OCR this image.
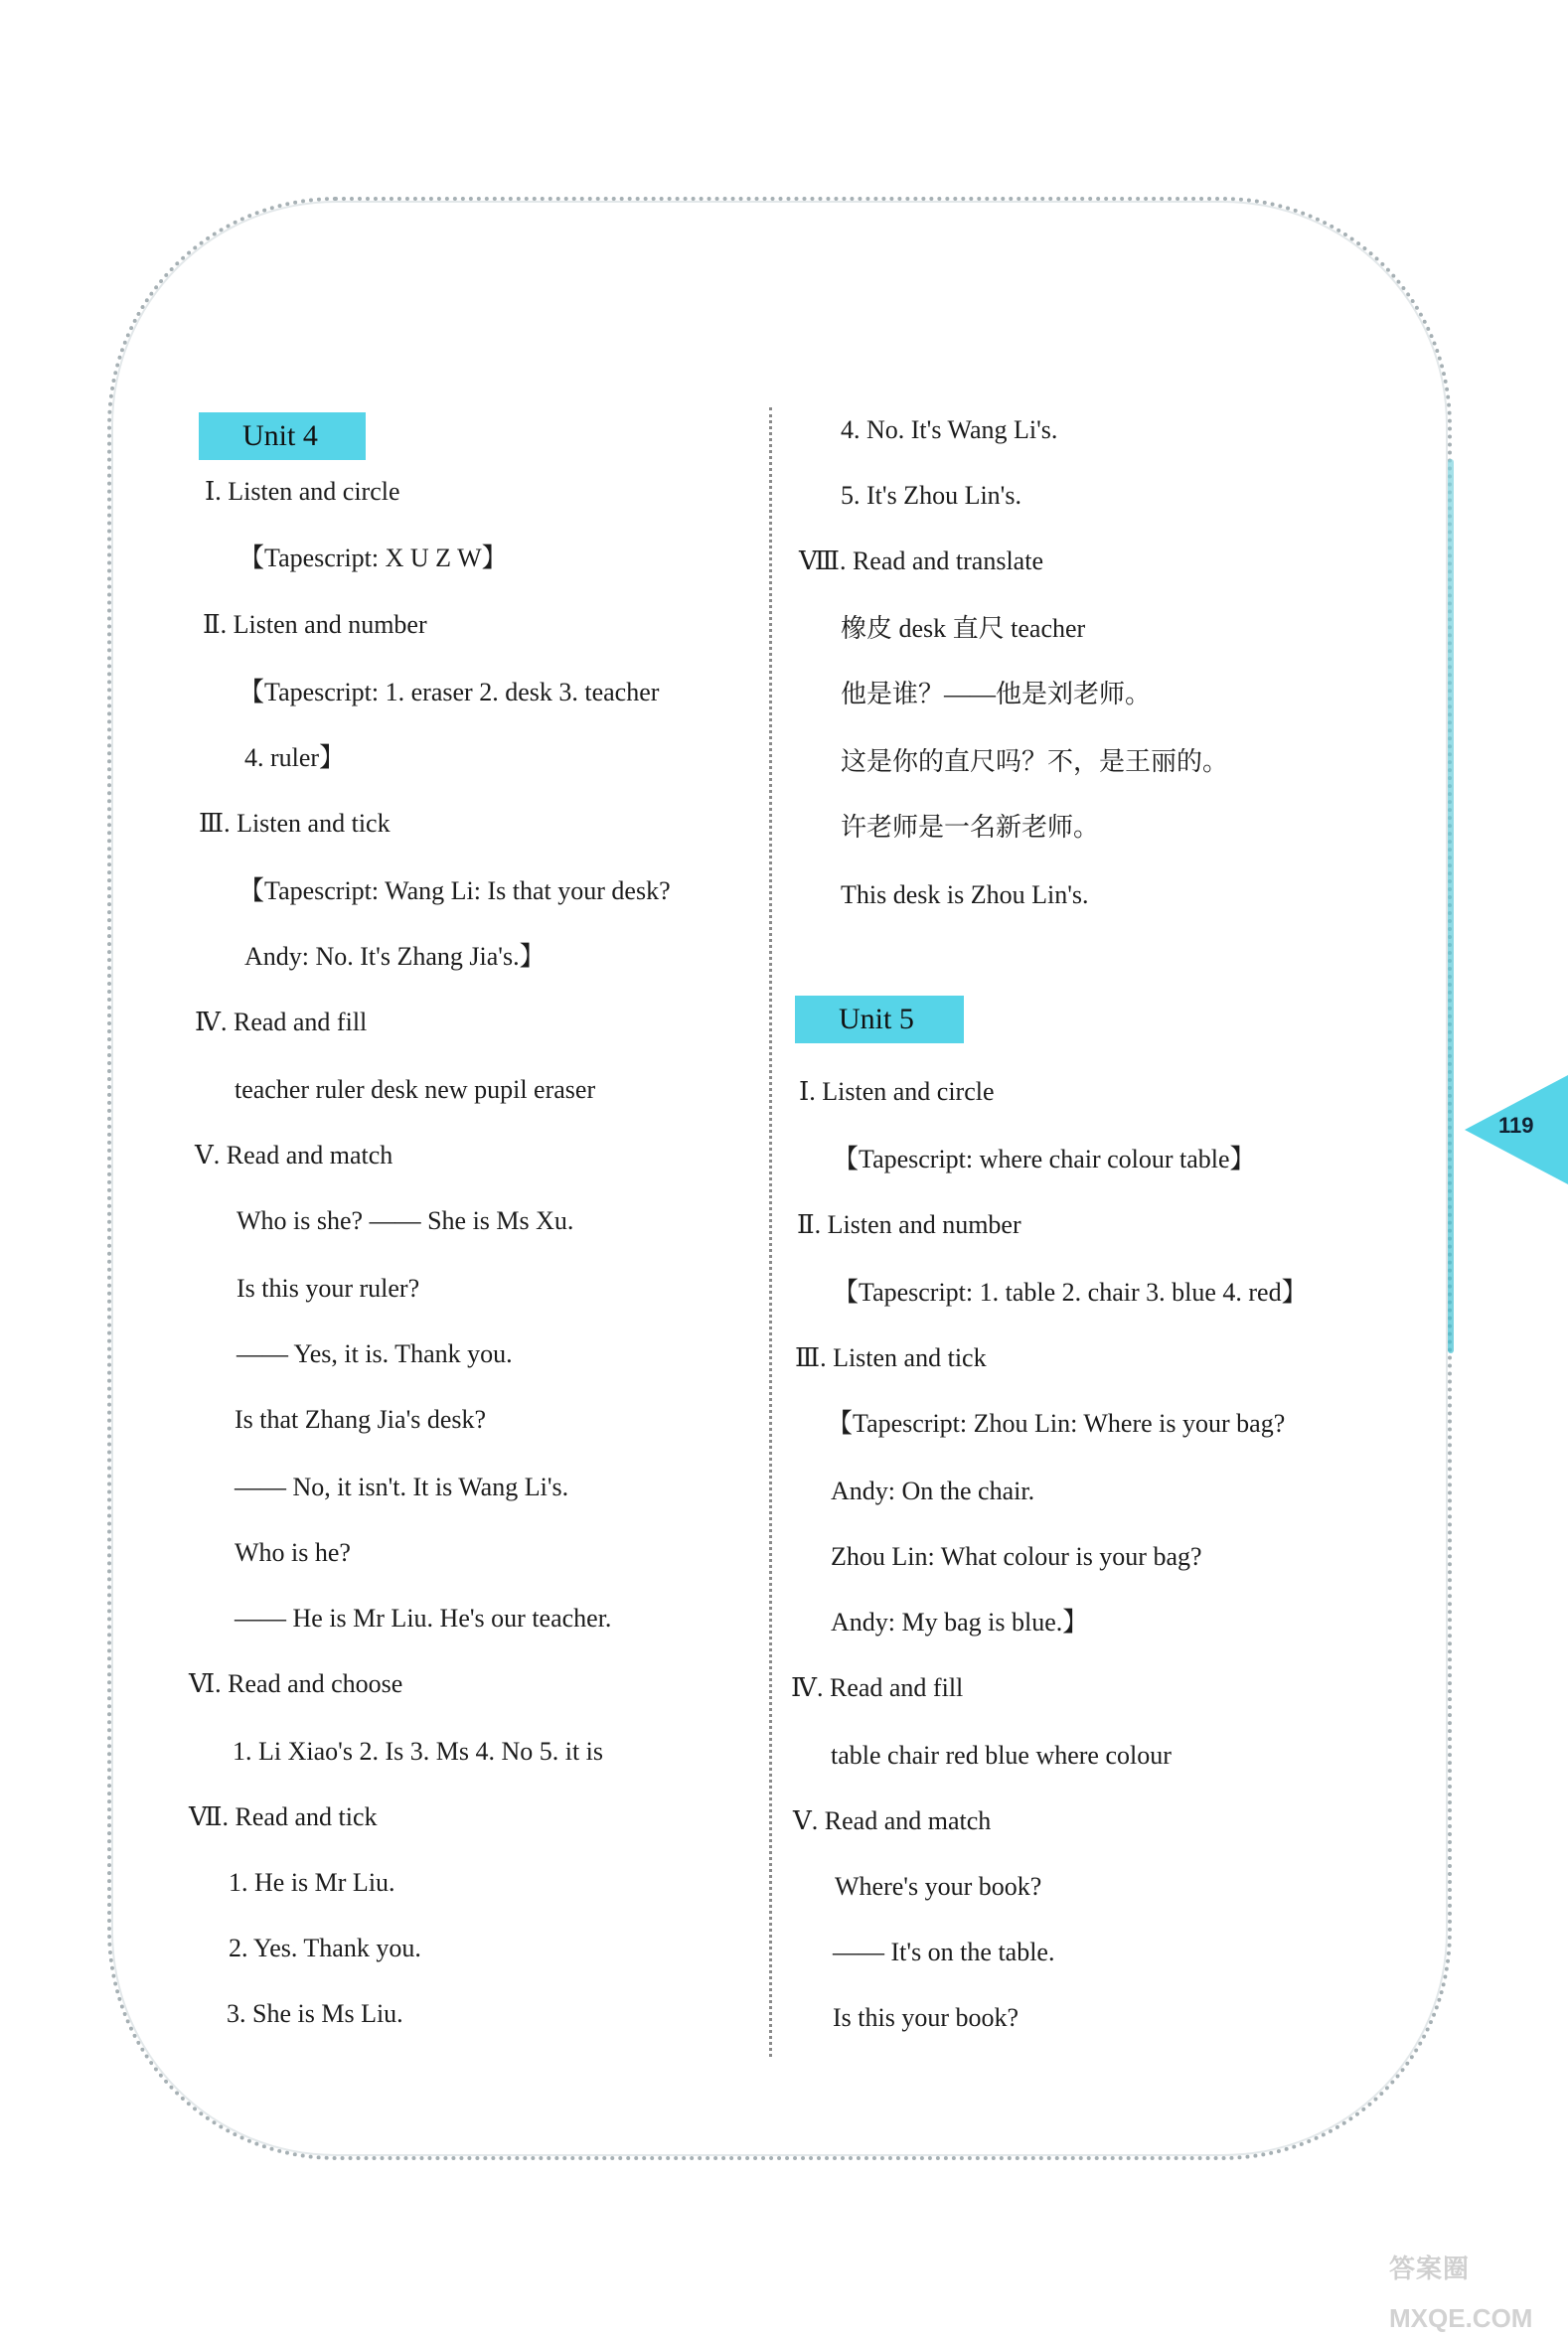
Unit 4
Ⅰ. Listen and circle
【Tapescript: X U Z W】
Ⅱ. Listen and number
【Tapescript: 1. eraser 2. desk 3. teacher
4. ruler】
Ⅲ. Listen and tick
【Tapescript: Wang Li: Is that your desk?
Andy: No. It's Zhang Jia's.】
Ⅳ. Read and fill
teacher ruler desk new pupil eraser
Ⅴ. Read and match
Who is she? —— She is Ms Xu.
Is this your ruler?
—— Yes, it is. Thank you.
Is that Zhang Jia's desk?
—— No, it isn't. It is Wang Li's.
Who is he?
—— He is Mr Liu. He's our teacher.
Ⅵ. Read and choose
1. Li Xiao's 2. Is 3. Ms 4. No 5. it is
Ⅶ. Read and tick
1. He is Mr Liu.
2. Yes. Thank you.
3. She is Ms Liu.
4. No. It's Wang Li's.
5. It's Zhou Lin's.
Ⅷ. Read and translate
橡皮 desk 直尺 teacher
他是谁？——他是刘老师。
这是你的直尺吗？不，是王丽的。
许老师是一名新老师。
This desk is Zhou Lin's.
Unit 5
Ⅰ. Listen and circle
【Tapescript: where chair colour table】
Ⅱ. Listen and number
【Tapescript: 1. table 2. chair 3. blue 4. red】
Ⅲ. Listen and tick
【Tapescript: Zhou Lin: Where is your bag?
Andy: On the chair.
Zhou Lin: What colour is your bag?
Andy: My bag is blue.】
Ⅳ. Read and fill
table chair red blue where colour
Ⅴ. Read and match
Where's your book?
—— It's on the table.
Is this your book?
119
答案圈
MXQE.COM
